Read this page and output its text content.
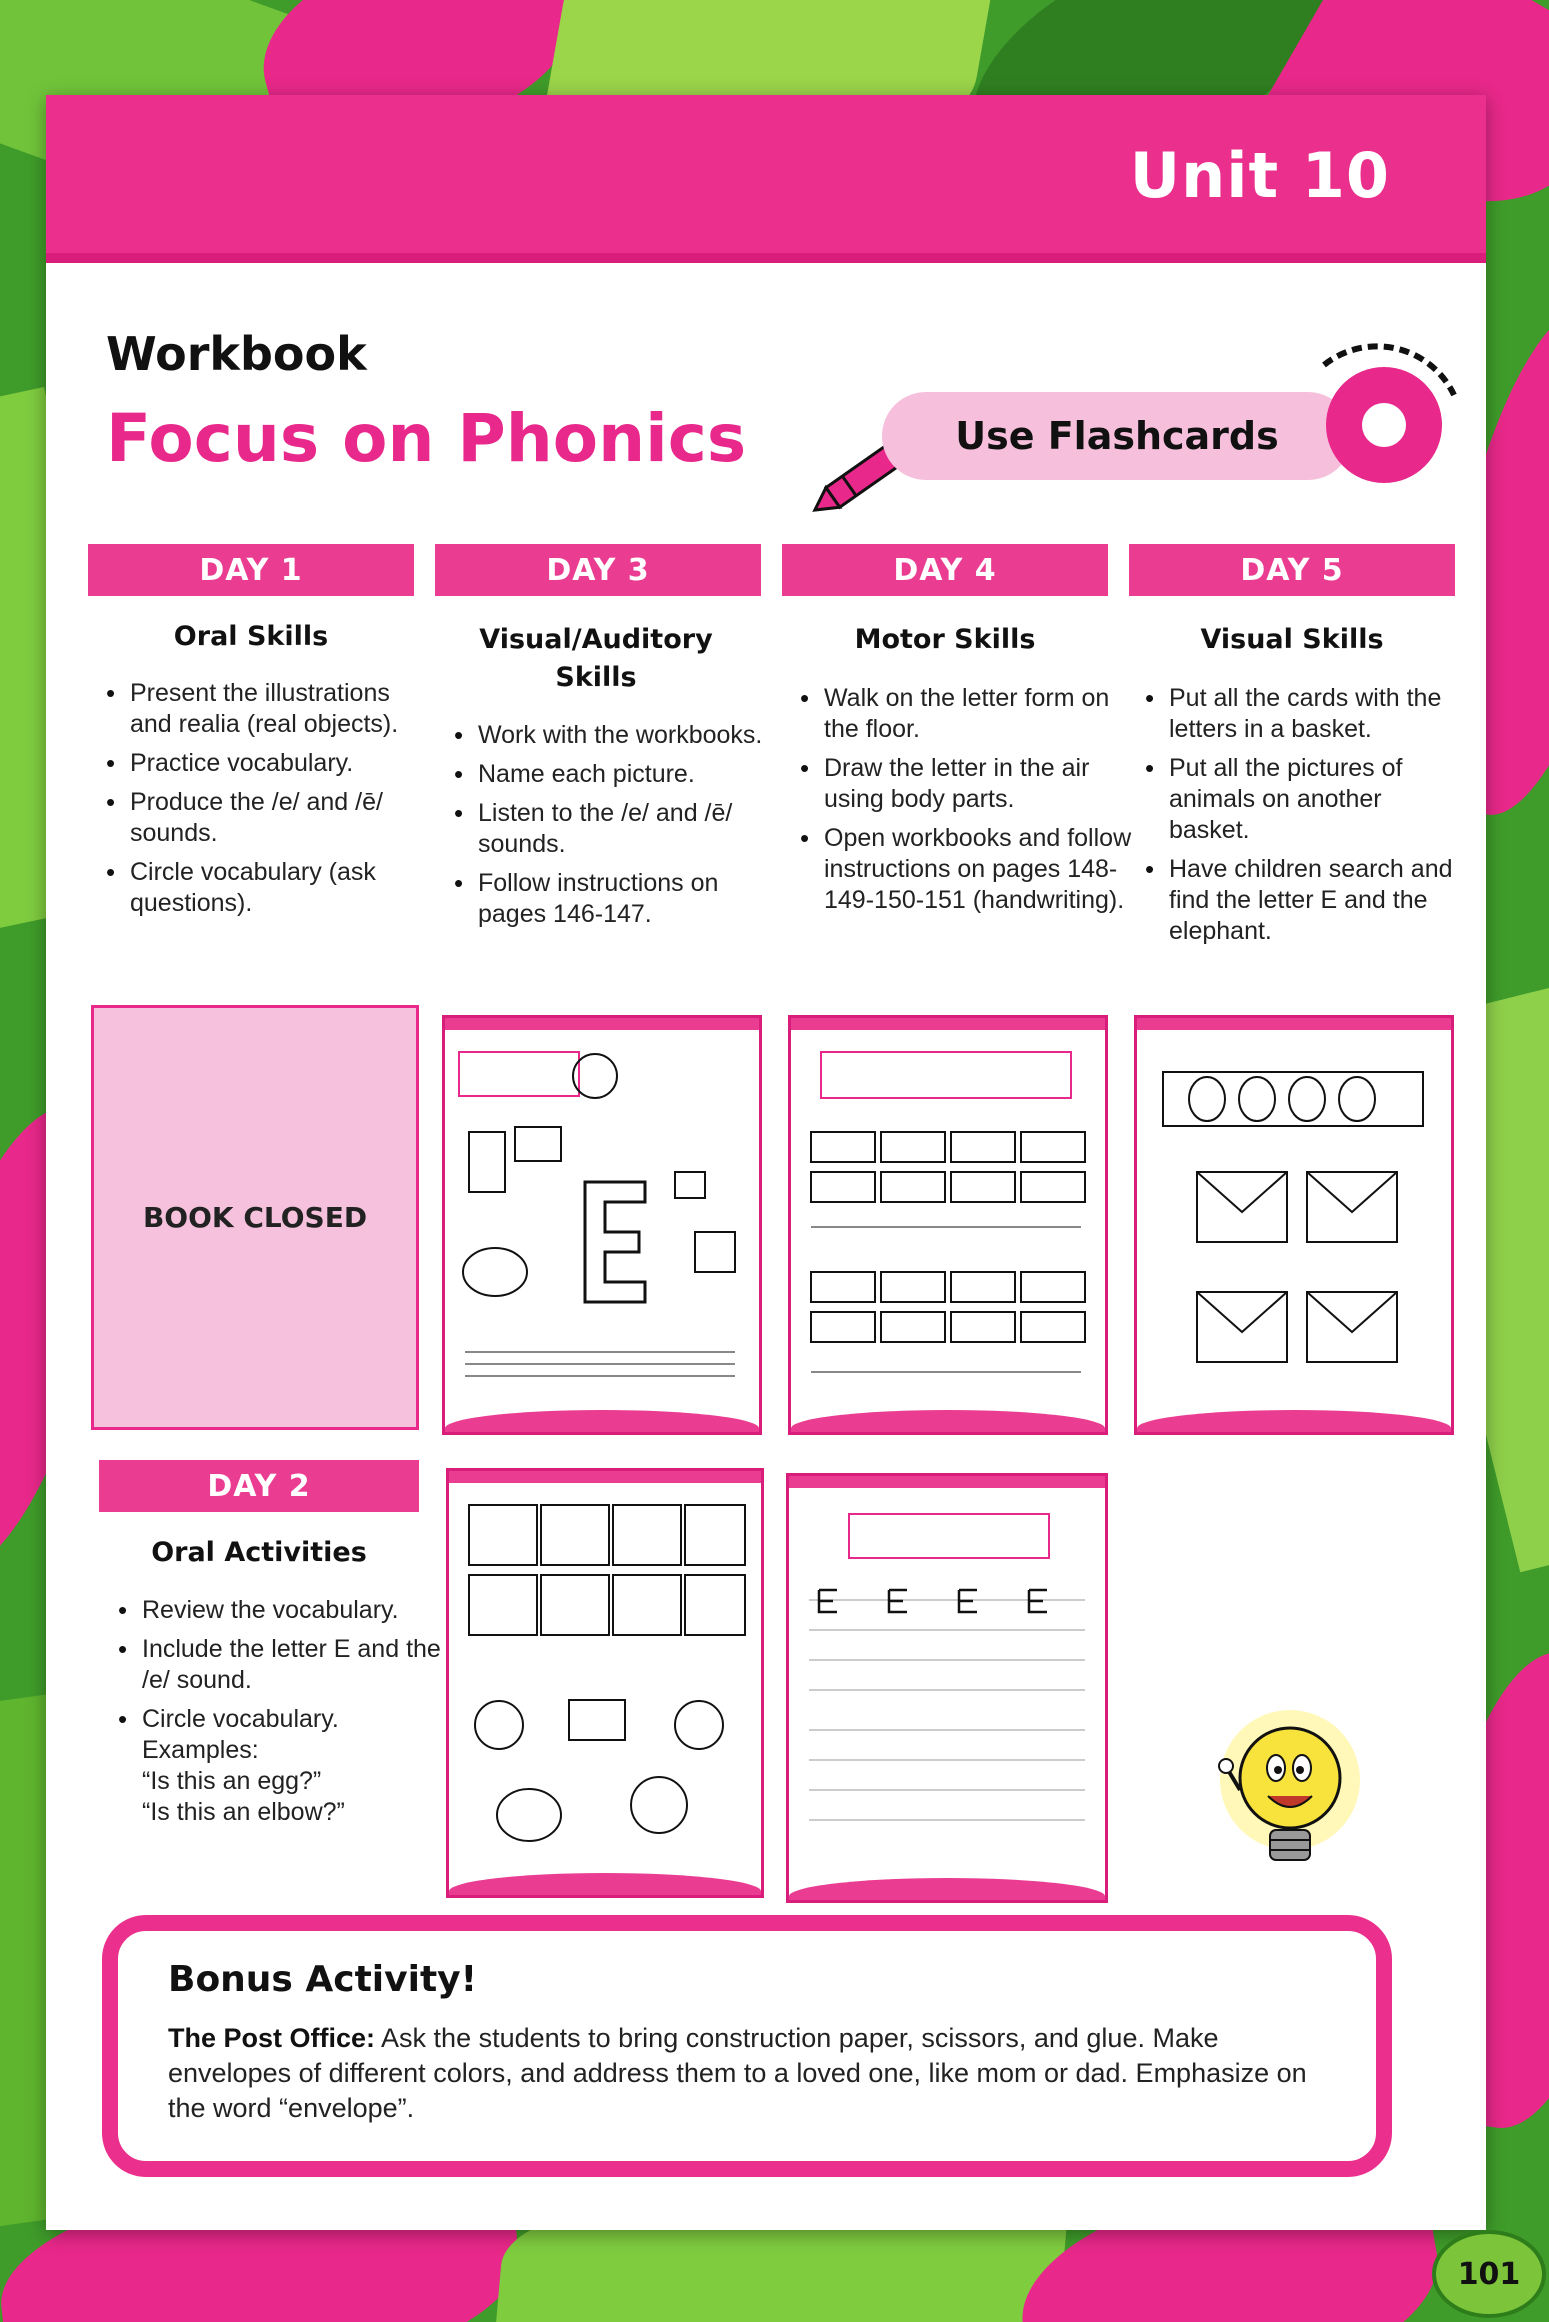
Unit 10
Workbook
Focus on Phonics	Use Flashcards
DAY 1	DAY 3	DAY 4	DAY 5
Oral Skills
• Present the illustrations and realia (real objects).
• Practice vocabulary.
• Produce the /e/ and /ē/ sounds.
• Circle vocabulary (ask questions).
Visual/Auditory Skills
• Work with the workbooks.
• Name each picture.
• Listen to the /e/ and /ē/ sounds.
• Follow instructions on pages 146-147.
Motor Skills
• Walk on the letter form on the floor.
• Draw the letter in the air using body parts.
• Open workbooks and follow instructions on pages 148-149-150-151 (handwriting).
Visual Skills
• Put all the cards with the letters in a basket.
• Put all the pictures of animals on another basket.
• Have children search and find the letter E and the elephant.
BOOK CLOSED
DAY 2
Oral Activities
• Review the vocabulary.
• Include the letter E and the /e/ sound.
• Circle vocabulary.
Examples:
“Is this an egg?”
“Is this an elbow?”
Bonus Activity!
The Post Office: Ask the students to bring construction paper, scissors, and glue. Make envelopes of different colors, and address them to a loved one, like mom or dad. Emphasize on the word “envelope”.
101
